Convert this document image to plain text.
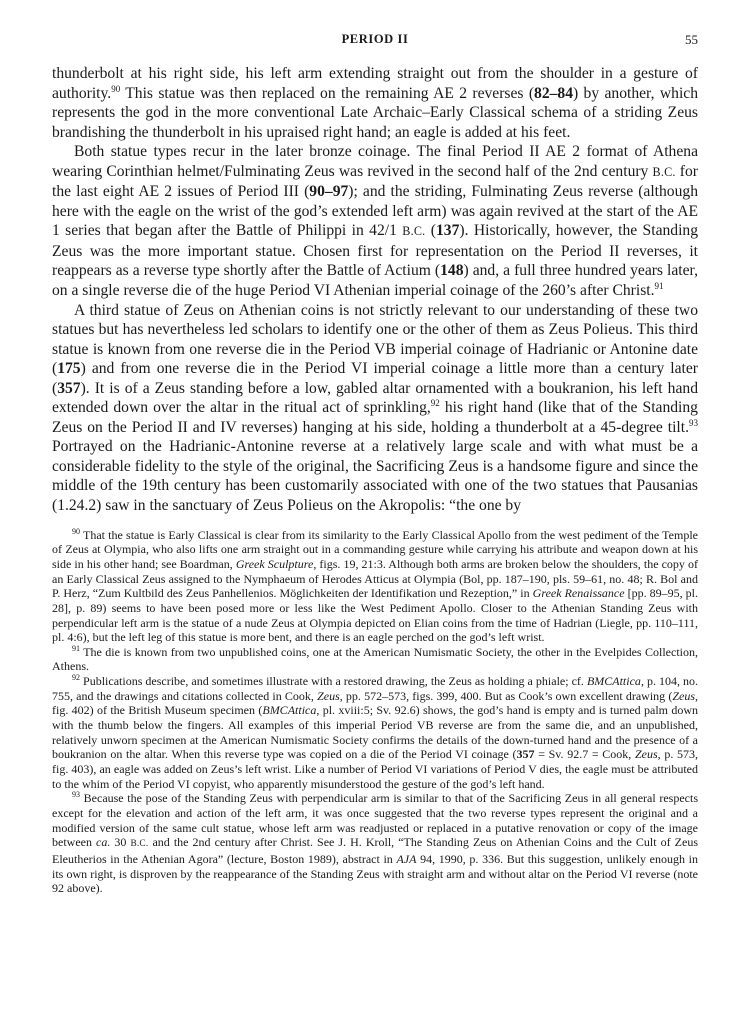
PERIOD II	55

thunderbolt at his right side, his left arm extending straight out from the shoulder in a gesture of authority.$^{90}$ This statue was then replaced on the remaining AE 2 reverses (82–84) by another, which represents the god in the more conventional Late Archaic–Early Classical schema of a striding Zeus brandishing the thunderbolt in his upraised right hand; an eagle is added at his feet.

Both statue types recur in the later bronze coinage. The final Period II AE 2 format of Athena wearing Corinthian helmet/Fulminating Zeus was revived in the second half of the 2nd century B.C. for the last eight AE 2 issues of Period III (90–97); and the striding, Fulminating Zeus reverse (although here with the eagle on the wrist of the god’s extended left arm) was again revived at the start of the AE 1 series that began after the Battle of Philippi in 42/1 B.C. (137). Historically, however, the Standing Zeus was the more important statue. Chosen first for representation on the Period II reverses, it reappears as a reverse type shortly after the Battle of Actium (148) and, a full three hundred years later, on a single reverse die of the huge Period VI Athenian imperial coinage of the 260’s after Christ.$^{91}$

A third statue of Zeus on Athenian coins is not strictly relevant to our understanding of these two statues but has nevertheless led scholars to identify one or the other of them as Zeus Polieus. This third statue is known from one reverse die in the Period VB imperial coinage of Hadrianic or Antonine date (175) and from one reverse die in the Period VI imperial coinage a little more than a century later (357). It is of a Zeus standing before a low, gabled altar ornamented with a boukranion, his left hand extended down over the altar in the ritual act of sprinkling,$^{92}$ his right hand (like that of the Standing Zeus on the Period II and IV reverses) hanging at his side, holding a thunderbolt at a 45-degree tilt.$^{93}$ Portrayed on the Hadrianic-Antonine reverse at a relatively large scale and with what must be a considerable fidelity to the style of the original, the Sacrificing Zeus is a handsome figure and since the middle of the 19th century has been customarily associated with one of the two statues that Pausanias (1.24.2) saw in the sanctuary of Zeus Polieus on the Akropolis: “the one by

$^{90}$ That the statue is Early Classical is clear from its similarity to the Early Classical Apollo from the west pediment of the Temple of Zeus at Olympia, who also lifts one arm straight out in a commanding gesture while carrying his attribute and weapon down at his side in his other hand; see Boardman, Greek Sculpture, figs. 19, 21:3. Although both arms are broken below the shoulders, the copy of an Early Classical Zeus assigned to the Nymphaeum of Herodes Atticus at Olympia (Bol, pp. 187–190, pls. 59–61, no. 48; R. Bol and P. Herz, “Zum Kultbild des Zeus Panhellenios. Möglichkeiten der Identifikation und Rezeption,” in Greek Renaissance [pp. 89–95, pl. 28], p. 89) seems to have been posed more or less like the West Pediment Apollo. Closer to the Athenian Standing Zeus with perpendicular left arm is the statue of a nude Zeus at Olympia depicted on Elian coins from the time of Hadrian (Liegle, pp. 110–111, pl. 4:6), but the left leg of this statue is more bent, and there is an eagle perched on the god’s left wrist.

$^{91}$ The die is known from two unpublished coins, one at the American Numismatic Society, the other in the Evelpides Collection, Athens.

$^{92}$ Publications describe, and sometimes illustrate with a restored drawing, the Zeus as holding a phiale; cf. BMCAttica, p. 104, no. 755, and the drawings and citations collected in Cook, Zeus, pp. 572–573, figs. 399, 400. But as Cook’s own excellent drawing (Zeus, fig. 402) of the British Museum specimen (BMCAttica, pl. xviii:5; Sv. 92.6) shows, the god’s hand is empty and is turned palm down with the thumb below the fingers. All examples of this imperial Period VB reverse are from the same die, and an unpublished, relatively unworn specimen at the American Numismatic Society confirms the details of the down-turned hand and the presence of a boukranion on the altar. When this reverse type was copied on a die of the Period VI coinage (357 = Sv. 92.7 = Cook, Zeus, p. 573, fig. 403), an eagle was added on Zeus’s left wrist. Like a number of Period VI variations of Period V dies, the eagle must be attributed to the whim of the Period VI copyist, who apparently misunderstood the gesture of the god’s left hand.

$^{93}$ Because the pose of the Standing Zeus with perpendicular arm is similar to that of the Sacrificing Zeus in all general respects except for the elevation and action of the left arm, it was once suggested that the two reverse types represent the original and a modified version of the same cult statue, whose left arm was readjusted or replaced in a putative renovation or copy of the image between ca. 30 B.C. and the 2nd century after Christ. See J. H. Kroll, “The Standing Zeus on Athenian Coins and the Cult of Zeus Eleutherios in the Athenian Agora” (lecture, Boston 1989), abstract in AJA 94, 1990, p. 336. But this suggestion, unlikely enough in its own right, is disproven by the reappearance of the Standing Zeus with straight arm and without altar on the Period VI reverse (note 92 above).
